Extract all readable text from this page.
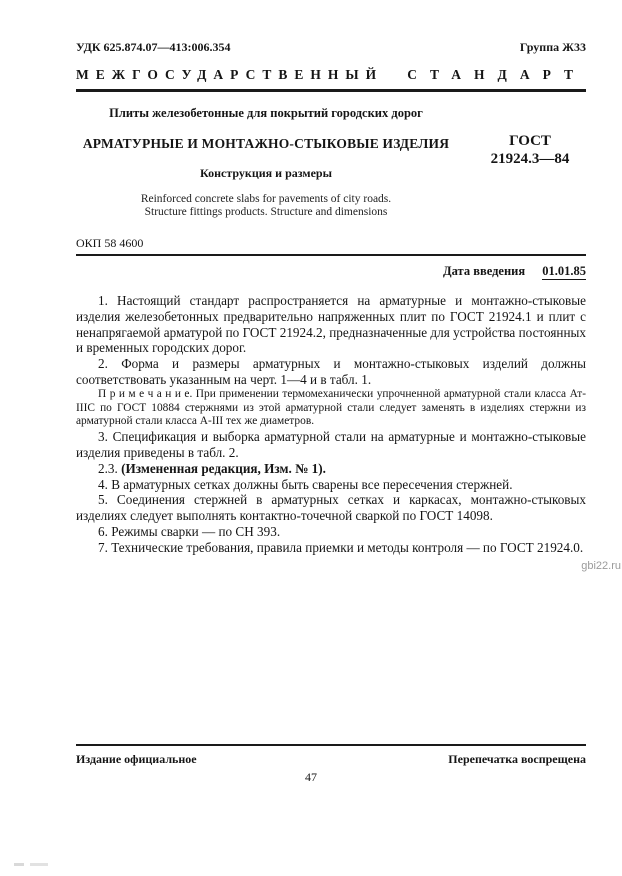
УДК 625.874.07—413:006.354	Группа Ж33
МЕЖГОСУДАРСТВЕННЫЙ СТАНДАРТ

Плиты железобетонные для покрытий городских дорог

АРМАТУРНЫЕ И МОНТАЖНО-СТЫКОВЫЕ ИЗДЕЛИЯ

Конструкция и размеры

Reinforced concrete slabs for pavements of city roads.

Structure fittings products. Structure and dimensions

ГОСТ
21924.3—84
ОКП 58 4600
Дата введения 01.01.85

1. Настоящий стандарт распространяется на арматурные и монтажно-стыковые изделия железобетонных предварительно напряженных плит по ГОСТ 21924.1 и плит с ненапрягаемой арматурой по ГОСТ 21924.2, предназначенные для устройства постоянных и временных городских дорог.

2. Форма и размеры арматурных и монтажно-стыковых изделий должны соответствовать указанным на черт. 1—4 и в табл. 1.

П р и м е ч а н и е. При применении термомеханически упрочненной арматурной стали класса Ат-IIIС по ГОСТ 10884 стержнями из этой арматурной стали следует заменять в изделиях стержни из арматурной стали класса А-III тех же диаметров.

3. Спецификация и выборка арматурной стали на арматурные и монтажно-стыковые изделия приведены в табл. 2.

2.3. (Измененная редакция, Изм. № 1).

4. В арматурных сетках должны быть сварены все пересечения стержней.

5. Соединения стержней в арматурных сетках и каркасах, монтажно-стыковых изделиях следует выполнять контактно-точечной сваркой по ГОСТ 14098.

6. Режимы сварки — по СН 393.

7. Технические требования, правила приемки и методы контроля — по ГОСТ 21924.0.

gbi22.ru
Издание официальное	Перепечатка воспрещена
47
